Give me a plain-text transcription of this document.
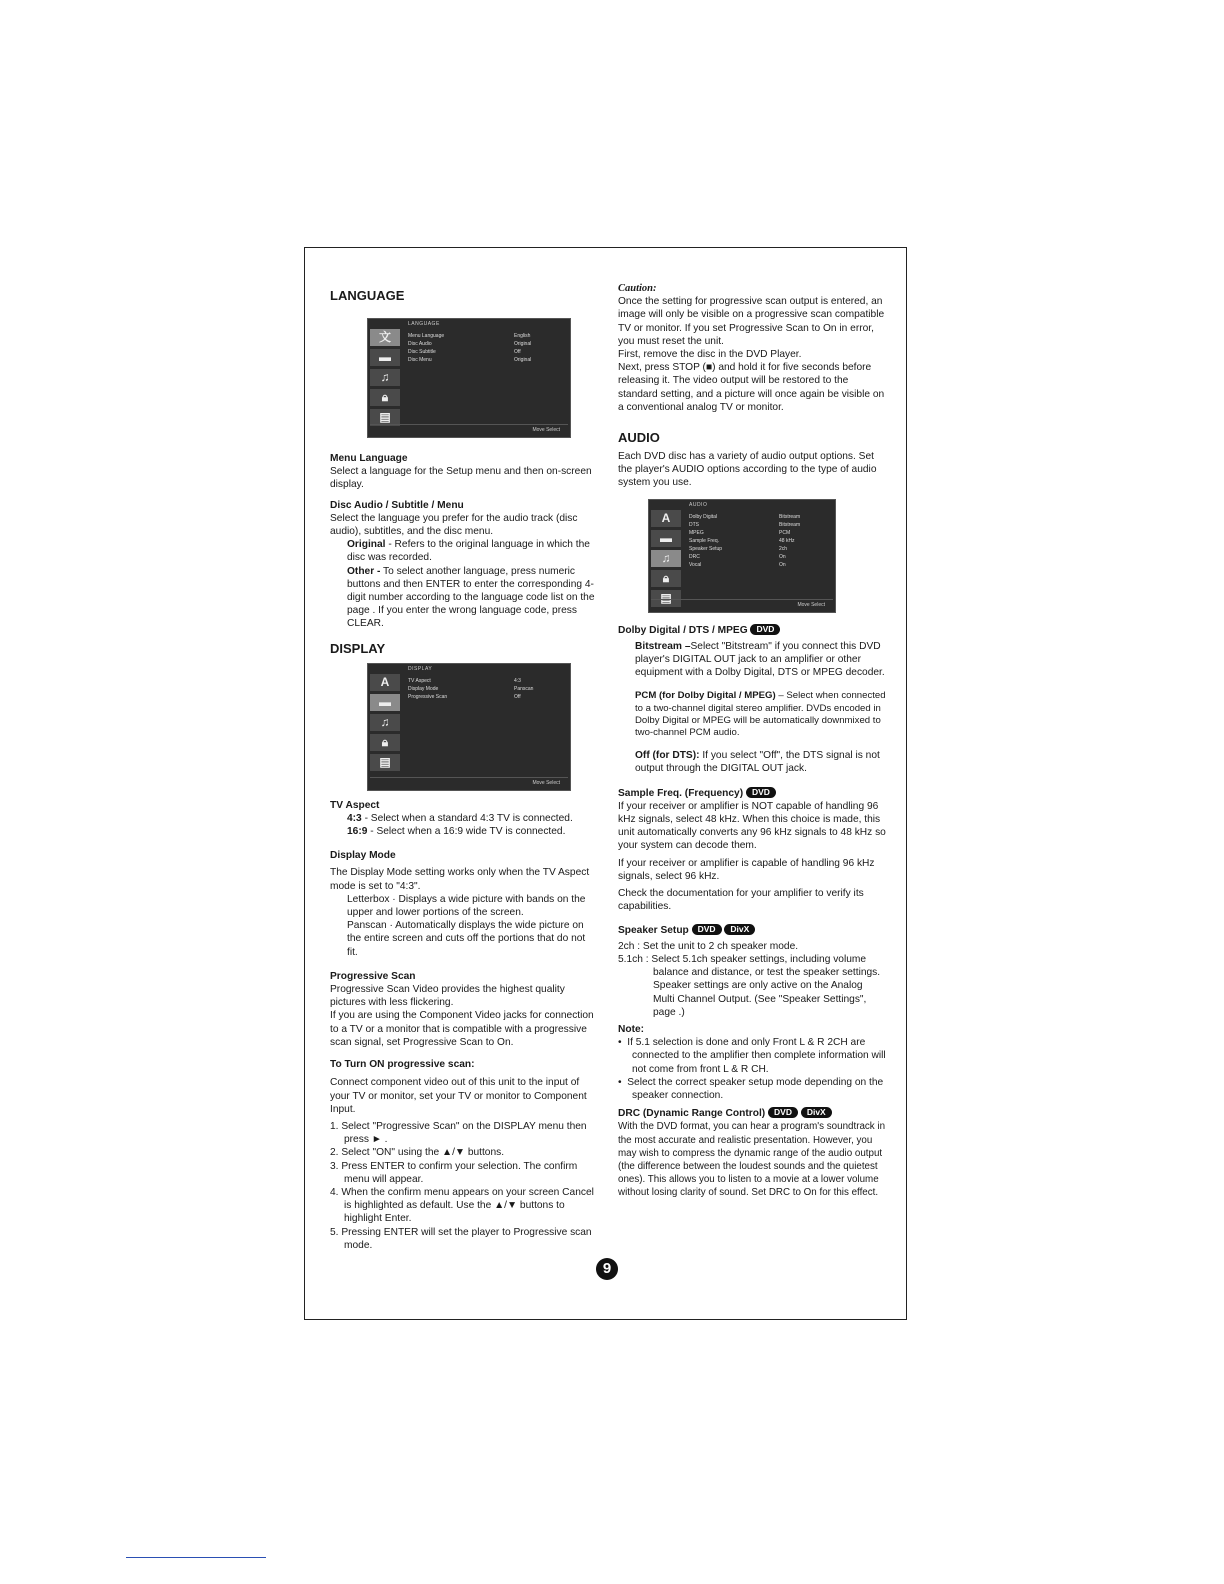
LANGUAGE
LANGUAGE
文
▬
♫
🔒︎
▤
Menu Language	English
Disc Audio	Original
Disc Subtitle	Off
Disc Menu	Original
Move Select

Menu Language

Select a language for the Setup menu and then on-screen display.

Disc Audio / Subtitle / Menu

Select the language you prefer for the audio track (disc audio), subtitles, and the disc menu.

Original - Refers to the original language in which the disc was recorded.

Other - To select another language, press numeric buttons and then ENTER to enter the corresponding 4-digit number according to the language code list on the page . If you enter the wrong language code, press CLEAR.

DISPLAY
DISPLAY
A
▬
♫
🔒︎
▤
TV Aspect	4:3
Display Mode	Panscan
Progressive Scan	Off
Move Select

TV Aspect

4:3 - Select when a standard 4:3 TV is connected.

16:9 - Select when a 16:9 wide TV is connected.

Display Mode

The Display Mode setting works only when the TV Aspect mode is set to "4:3".

Letterbox · Displays a wide picture with bands on the upper and lower portions of the screen.

Panscan · Automatically displays the wide picture on the entire screen and cuts off the portions that do not fit.

Progressive Scan

Progressive Scan Video provides the highest quality pictures with less flickering.
If you are using the Component Video jacks for connection to a TV or a monitor that is compatible with a progressive scan signal, set Progressive Scan to On.

To Turn ON progressive scan:

Connect component video out of this unit to the input of your TV or monitor, set your TV or monitor to Component Input.

1. Select "Progressive Scan" on the DISPLAY menu then press ► .
2. Select "ON" using the ▲/▼ buttons.
3. Press ENTER to confirm your selection. The confirm menu will appear.
4. When the confirm menu appears on your screen Cancel is highlighted as default. Use the ▲/▼ buttons to highlight Enter.
5. Pressing ENTER will set the player to Progressive scan mode.

Caution:

Once the setting for progressive scan output is entered, an image will only be visible on a progressive scan compatible TV or monitor. If you set Progressive Scan to On in error, you must reset the unit.
First, remove the disc in the DVD Player.
Next, press STOP (■) and hold it for five seconds before releasing it. The video output will be restored to the standard setting, and a picture will once again be visible on a conventional analog TV or monitor.

AUDIO

Each DVD disc has a variety of audio output options. Set the player's AUDIO options according to the type of audio system you use.

AUDIO
A
▬
♫
🔒︎
▤
Dolby Digital	Bitstream
DTS	Bitstream
MPEG	PCM
Sample Freq.	48 kHz
Speaker Setup	2ch
DRC	On
Vocal	On
Move Select

Dolby Digital / DTS / MPEG DVD

Bitstream –Select "Bitstream" if you connect this DVD player's DIGITAL OUT jack to an amplifier or other equipment with a Dolby Digital, DTS or MPEG decoder.

PCM (for Dolby Digital / MPEG) – Select when connected to a two-channel digital stereo amplifier. DVDs encoded in Dolby Digital or MPEG will be automatically downmixed to two-channel PCM audio.

Off (for DTS): If you select "Off", the DTS signal is not output through the DIGITAL OUT jack.

Sample Freq. (Frequency) DVD

If your receiver or amplifier is NOT capable of handling 96 kHz signals, select 48 kHz. When this choice is made, this unit automatically converts any 96 kHz signals to 48 kHz so your system can decode them.

If your receiver or amplifier is capable of handling 96 kHz signals, select 96 kHz.

Check the documentation for your amplifier to verify its capabilities.

Speaker Setup DVD DivX

2ch : Set the unit to 2 ch speaker mode.

5.1ch : Select 5.1ch speaker settings, including volume balance and distance, or test the speaker settings. Speaker settings are only active on the Analog Multi Channel Output. (See "Speaker Settings", page .)

Note:

•  If 5.1 selection is done and only Front L & R 2CH are connected to the amplifier then complete information will not come from front L & R CH.
•  Select the correct speaker setup mode depending on the speaker connection.

DRC (Dynamic Range Control) DVD DivX

With the DVD format, you can hear a program's soundtrack in the most accurate and realistic presentation. However, you may wish to compress the dynamic range of the audio output (the difference between the loudest sounds and the quietest ones). This allows you to listen to a movie at a lower volume without losing clarity of sound. Set DRC to On for this effect.

9
